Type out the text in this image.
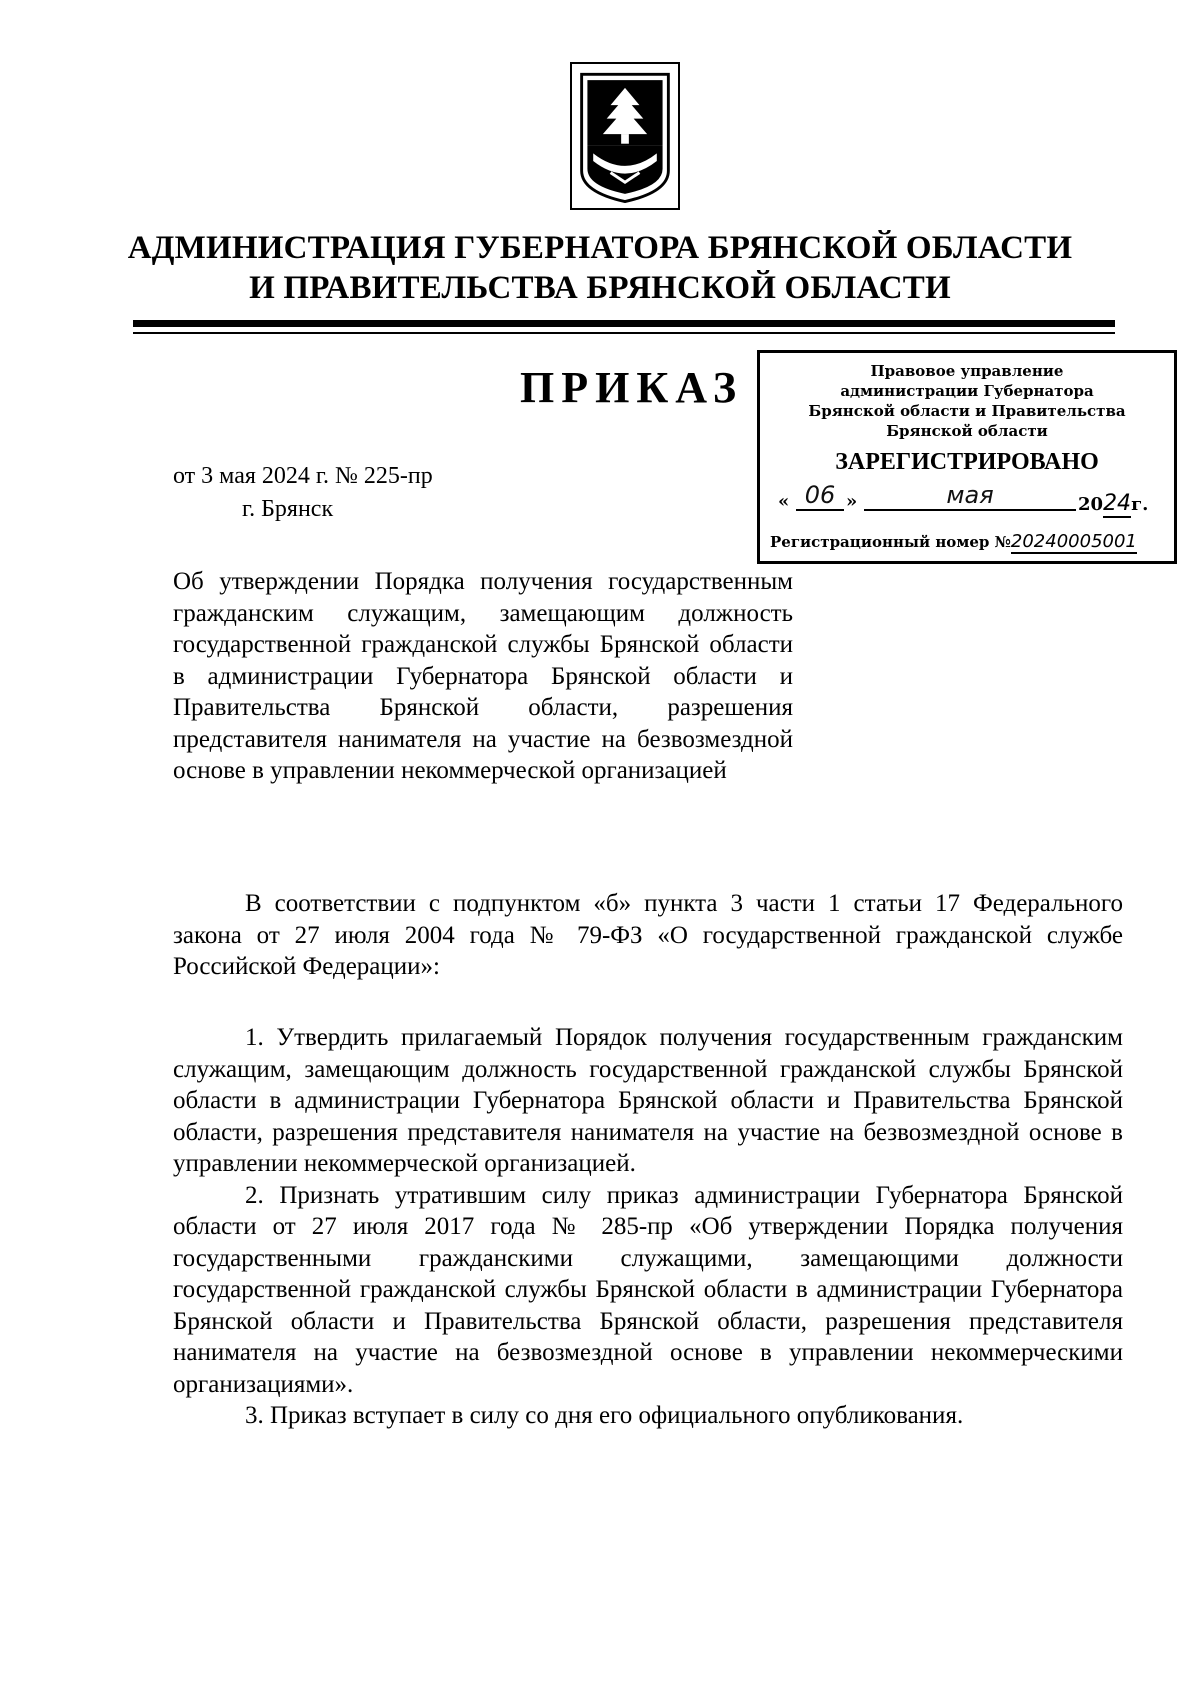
АДМИНИСТРАЦИЯ ГУБЕРНАТОРА БРЯНСКОЙ ОБЛАСТИ
И ПРАВИТЕЛЬСТВА БРЯНСКОЙ ОБЛАСТИ
ПРИКАЗ	Правовое управление
администрации Губернатора
Брянской области и Правительства
Брянской области
ЗАРЕГИСТРИРОВАНО
« 06 »	мая	2024г.
Регистрационный номер №20240005001
от 3 мая 2024 г. № 225-пр
г. Брянск
Об утверждении Порядка получения государственным гражданским служащим, замещающим должность государственной гражданской службы Брянской области в администрации Губернатора Брянской области и Правительства Брянской области, разрешения представителя нанимателя на участие на безвозмездной основе в управлении некоммерческой организацией

В соответствии с подпунктом «б» пункта 3 части 1 статьи 17 Федерального закона от 27 июля 2004 года № 79-ФЗ «О государственной гражданской службе Российской Федерации»:

1. Утвердить прилагаемый Порядок получения государственным гражданским служащим, замещающим должность государственной гражданской службы Брянской области в администрации Губернатора Брянской области и Правительства Брянской области, разрешения представителя нанимателя на участие на безвозмездной основе в управлении некоммерческой организацией.

2. Признать утратившим силу приказ администрации Губернатора Брянской области от 27 июля 2017 года № 285-пр «Об утверждении Порядка получения государственными гражданскими служащими, замещающими должности государственной гражданской службы Брянской области в администрации Губернатора Брянской области и Правительства Брянской области, разрешения представителя нанимателя на участие на безвозмездной основе в управлении некоммерческими организациями».

3. Приказ вступает в силу со дня его официального опубликования.
